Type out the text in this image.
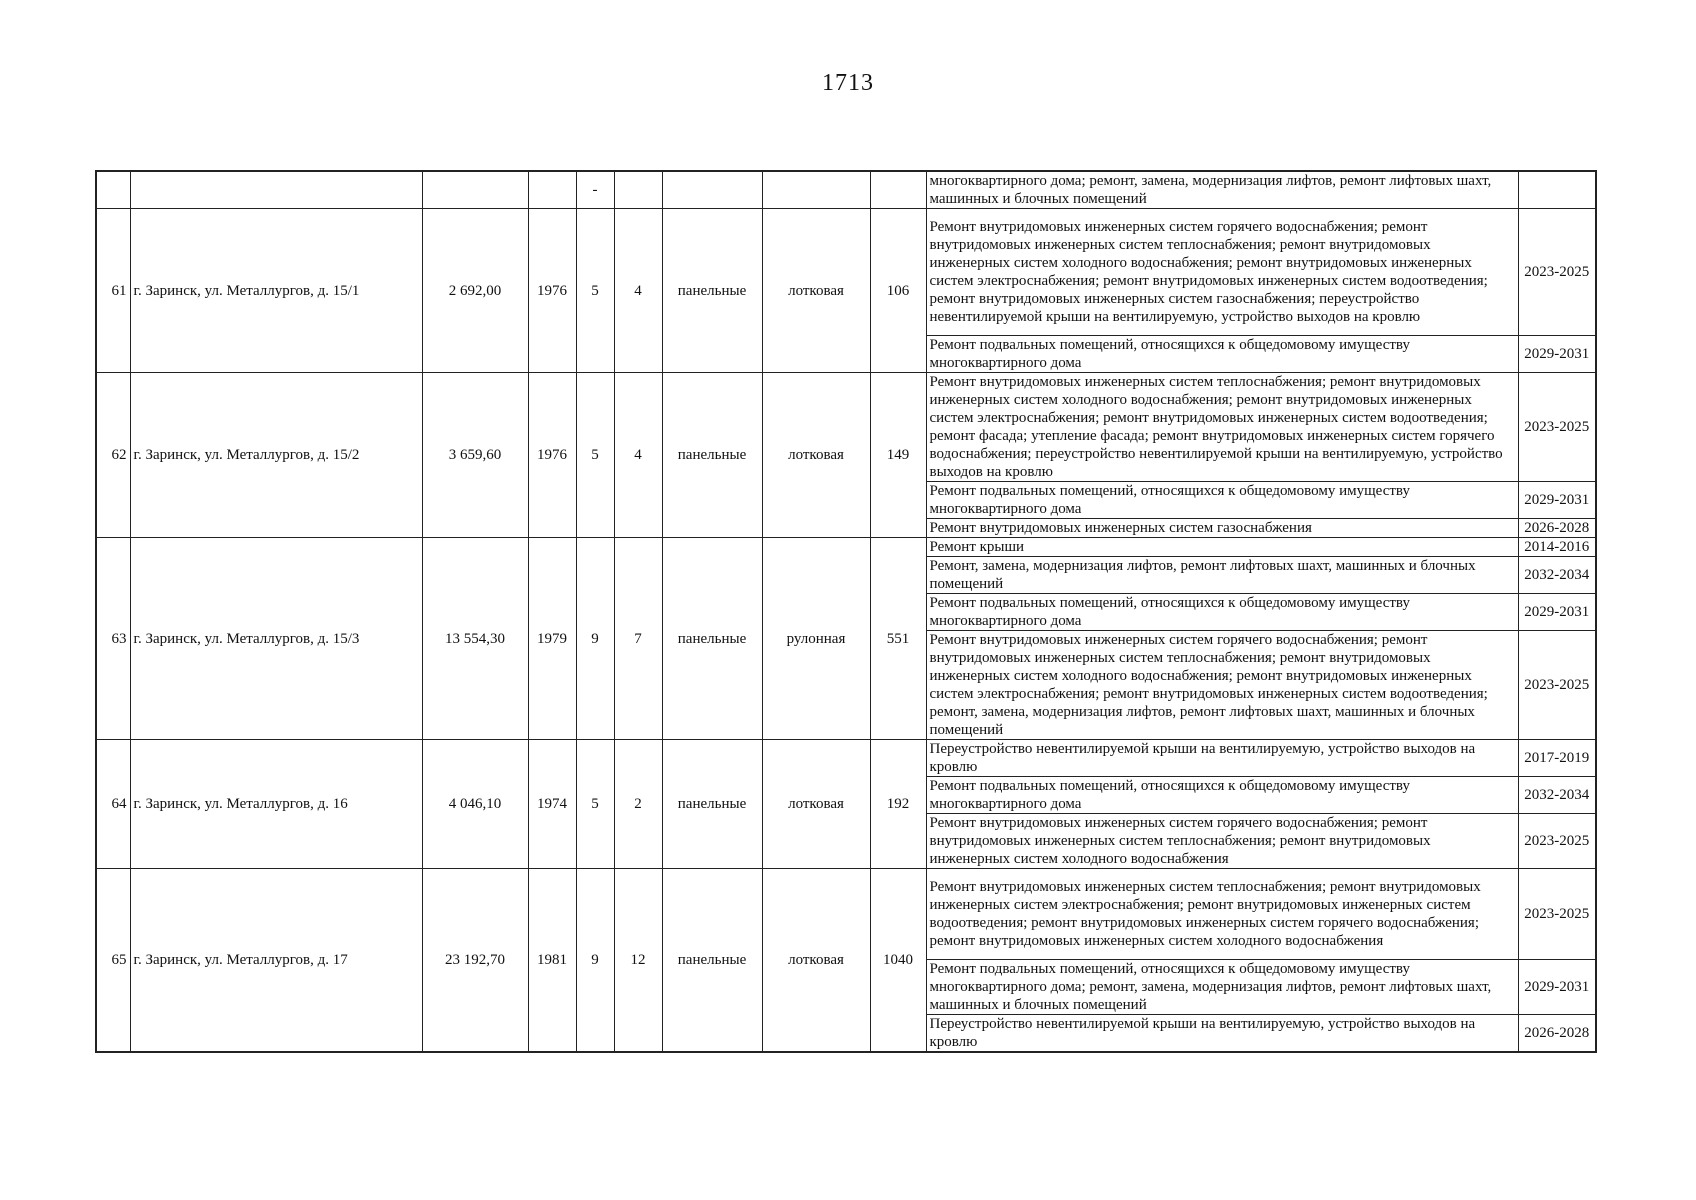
1713
				-					многоквартирного дома; ремонт, замена, модернизация лифтов, ремонт лифтовых шахт, машинных и блочных помещений	
61	г. Заринск, ул. Металлургов, д. 15/1	2 692,00	1976	5	4	панельные	лотковая	106	Ремонт внутридомовых инженерных систем горячего водоснабжения; ремонт внутридомовых инженерных систем теплоснабжения; ремонт внутридомовых инженерных систем холодного водоснабжения; ремонт внутридомовых инженерных систем электроснабжения; ремонт внутридомовых инженерных систем водоотведения; ремонт внутридомовых инженерных систем газоснабжения; переустройство невентилируемой крыши на вентилируемую, устройство выходов на кровлю	2023-2025
									Ремонт подвальных помещений, относящихся к общедомовому имуществу многоквартирного дома	2029-2031
62	г. Заринск, ул. Металлургов, д. 15/2	3 659,60	1976	5	4	панельные	лотковая	149	Ремонт внутридомовых инженерных систем теплоснабжения; ремонт внутридомовых инженерных систем холодного водоснабжения; ремонт внутридомовых инженерных систем электроснабжения; ремонт внутридомовых инженерных систем водоотведения; ремонт фасада; утепление фасада; ремонт внутридомовых инженерных систем горячего водоснабжения; переустройство невентилируемой крыши на вентилируемую, устройство выходов на кровлю	2023-2025
									Ремонт подвальных помещений, относящихся к общедомовому имуществу многоквартирного дома	2029-2031
									Ремонт внутридомовых инженерных систем газоснабжения	2026-2028
63	г. Заринск, ул. Металлургов, д. 15/3	13 554,30	1979	9	7	панельные	рулонная	551	Ремонт крыши	2014-2016
									Ремонт, замена, модернизация лифтов, ремонт лифтовых шахт, машинных и блочных помещений	2032-2034
									Ремонт подвальных помещений, относящихся к общедомовому имуществу многоквартирного дома	2029-2031
									Ремонт внутридомовых инженерных систем горячего водоснабжения; ремонт внутридомовых инженерных систем теплоснабжения; ремонт внутридомовых инженерных систем холодного водоснабжения; ремонт внутридомовых инженерных систем электроснабжения; ремонт внутридомовых инженерных систем водоотведения; ремонт, замена, модернизация лифтов, ремонт лифтовых шахт, машинных и блочных помещений	2023-2025
64	г. Заринск, ул. Металлургов, д. 16	4 046,10	1974	5	2	панельные	лотковая	192	Переустройство невентилируемой крыши на вентилируемую, устройство выходов на кровлю	2017-2019
									Ремонт подвальных помещений, относящихся к общедомовому имуществу многоквартирного дома	2032-2034
									Ремонт внутридомовых инженерных систем горячего водоснабжения; ремонт внутридомовых инженерных систем теплоснабжения; ремонт внутридомовых инженерных систем холодного водоснабжения	2023-2025
65	г. Заринск, ул. Металлургов, д. 17	23 192,70	1981	9	12	панельные	лотковая	1040	Ремонт внутридомовых инженерных систем теплоснабжения; ремонт внутридомовых инженерных систем электроснабжения; ремонт внутридомовых инженерных систем водоотведения; ремонт внутридомовых инженерных систем горячего водоснабжения; ремонт внутридомовых инженерных систем холодного водоснабжения	2023-2025
									Ремонт подвальных помещений, относящихся к общедомовому имуществу многоквартирного дома; ремонт, замена, модернизация лифтов, ремонт лифтовых шахт, машинных и блочных помещений	2029-2031
									Переустройство невентилируемой крыши на вентилируемую, устройство выходов на кровлю	2026-2028
